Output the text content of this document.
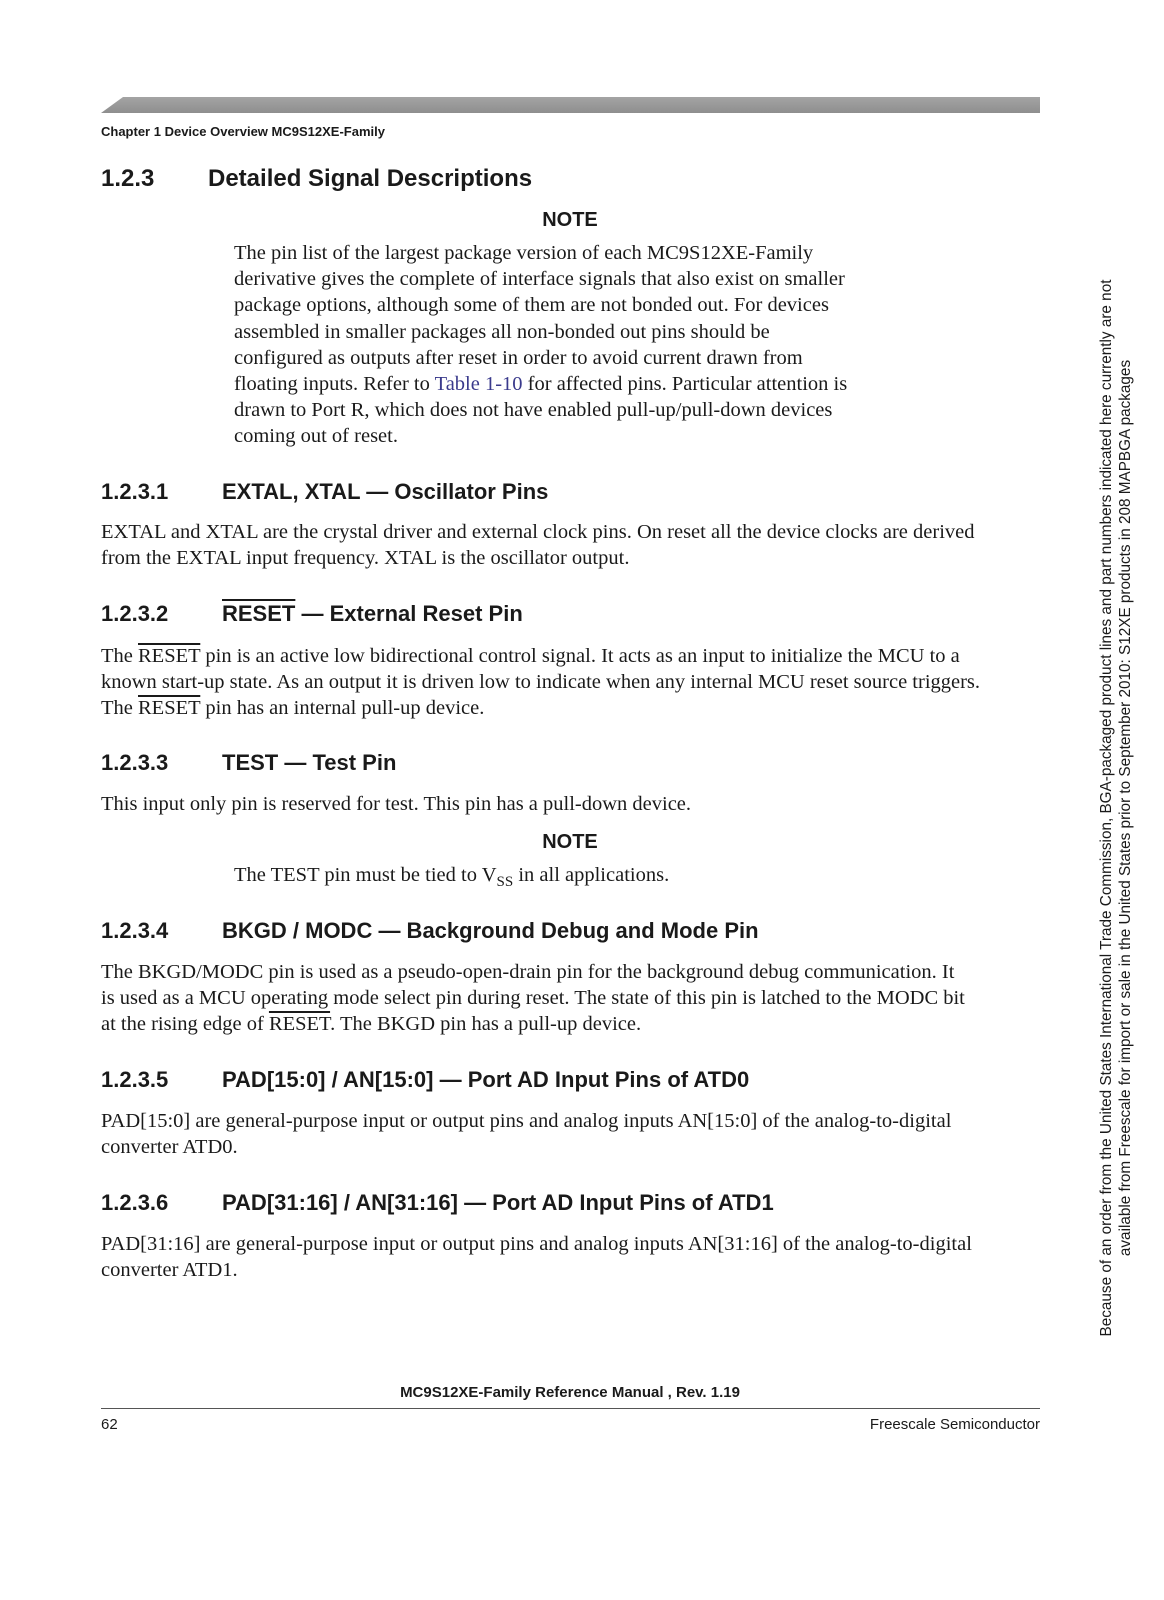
Chapter 1 Device Overview MC9S12XE-Family
1.2.3 Detailed Signal Descriptions
NOTE
The pin list of the largest package version of each MC9S12XE-Family
derivative gives the complete of interface signals that also exist on smaller
package options, although some of them are not bonded out. For devices
assembled in smaller packages all non-bonded out pins should be
configured as outputs after reset in order to avoid current drawn from
floating inputs. Refer to Table 1-10 for affected pins. Particular attention is
drawn to Port R, which does not have enabled pull-up/pull-down devices
coming out of reset.
1.2.3.1 EXTAL, XTAL — Oscillator Pins
EXTAL and XTAL are the crystal driver and external clock pins. On reset all the device clocks are derived
from the EXTAL input frequency. XTAL is the oscillator output.
1.2.3.2 RESET — External Reset Pin
The RESET pin is an active low bidirectional control signal. It acts as an input to initialize the MCU to a
known start-up state. As an output it is driven low to indicate when any internal MCU reset source triggers.
The RESET pin has an internal pull-up device.
1.2.3.3 TEST — Test Pin
This input only pin is reserved for test. This pin has a pull-down device.
NOTE
The TEST pin must be tied to $V_{SS}$ in all applications.
1.2.3.4 BKGD / MODC — Background Debug and Mode Pin
The BKGD/MODC pin is used as a pseudo-open-drain pin for the background debug communication. It
is used as a MCU operating mode select pin during reset. The state of this pin is latched to the MODC bit
at the rising edge of RESET. The BKGD pin has a pull-up device.
1.2.3.5 PAD[15:0] / AN[15:0] — Port AD Input Pins of ATD0
PAD[15:0] are general-purpose input or output pins and analog inputs AN[15:0] of the analog-to-digital
converter ATD0.
1.2.3.6 PAD[31:16] / AN[31:16] — Port AD Input Pins of ATD1
PAD[31:16] are general-purpose input or output pins and analog inputs AN[31:16] of the analog-to-digital
converter ATD1.
MC9S12XE-Family Reference Manual , Rev. 1.19
62	Freescale Semiconductor
Because of an order from the United States International Trade Commission, BGA-packaged product lines and part numbers indicated here currently are not available from Freescale for import or sale in the United States prior to September 2010: S12XE products in 208 MAPBGA packages
